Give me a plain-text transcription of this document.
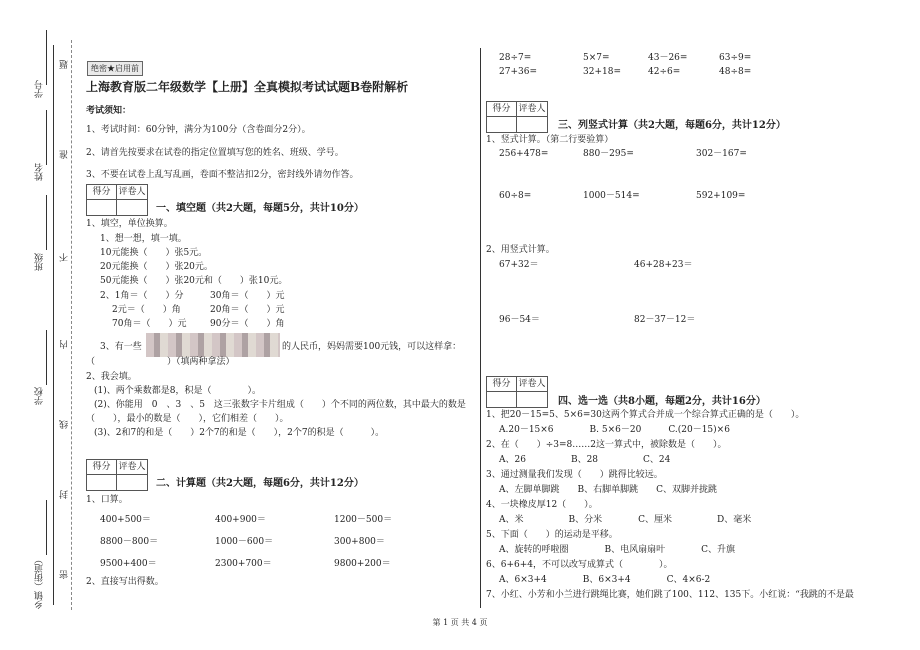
学号
姓名
班级
学校
乡镇（街道）
题
准
不
内
线
封
密
绝密★启用前
上海教育版二年级数学【上册】全真模拟考试试题B卷附解析
考试须知：
1、考试时间：60分钟，满分为100分（含卷面分2分）。
2、请首先按要求在试卷的指定位置填写您的姓名、班级、学号。
3、不要在试卷上乱写乱画，卷面不整洁扣2分，密封线外请勿作答。
得分 评卷人
一、填空题（共2大题，每题5分，共计10分）
1、填空，单位换算。
1、想一想，填一填。
10元能换（　　）张5元。
20元能换（　　）张20元。
50元能换（　　）张20元和（　　）张10元。
2、1角＝（　　）分	30角＝（　　）元
2元＝（　　）角	20角＝（　　）元
70角＝（　　）元	90分＝（　　）角
3、有一些	的人民币，妈妈需要100元钱，可以这样拿：
（　　　　　　　　）（填两种拿法）
2、我会填。
(1)、两个乘数都是8，积是（　　　　）。
(2)、你能用　0　、3　、5　这三张数字卡片组成（　　）个不同的两位数，其中最大的数是
（　　），最小的数是（　　），它们相差（　　）。
(3)、2和7的和是（　　）2个7的和是（　　），2个7的积是（　　　）。
得分 评卷人
二、计算题（共2大题，每题6分，共计12分）
1、口算。
400+500＝	400+900＝	1200－500＝
8800－800＝	1000－600＝	300+800＝
9500+400＝	2300+700＝	9800+200＝
2、直接写出得数。
28÷7=	5×7=	43－26=	63÷9=
27+36=	32+18=	42÷6=	48÷8=
得分 评卷人
三、列竖式计算（共2大题，每题6分，共计12分）
1、竖式计算。（第二行要验算）
256+478=	880－295=	302－167=
60÷8=	1000－514=	592+109=
2、用竖式计算。
67+32＝	46+28+23＝
96－54＝	82－37－12＝
得分 评卷人
四、选一选（共8小题，每题2分，共计16分）
1、把20－15=5、5×6=30这两个算式合并成一个综合算式正确的是（　　）。
A.20－15×6　　　　B. 5×6－20　　　C.(20－15)×6
2、在（　　）÷3=8……2这一算式中，被除数是（　　）。
A、26　　　　　B、28　　　　　C、24
3、通过测量我们发现（　　）跳得比较远。
A、左脚单脚跳　　B、右脚单脚跳　　C、双脚并拢跳
4、一块橡皮厚12（　　）。
A、米　　　　　B、分米　　　　C、厘米　　　　　D、毫米
5、下面（　　）的运动是平移。
A、旋转的呼啦圈　　　　B、电风扇扇叶　　　　C、升旗
6、6+6+4，不可以改写成算式（　　　　）。
A、6×3+4　　　　B、6×3+4　　　　C、4×6-2
7、小红、小芳和小兰进行跳绳比赛，她们跳了100、112、135下。小红说：“我跳的不是最
第 1 页 共 4 页
